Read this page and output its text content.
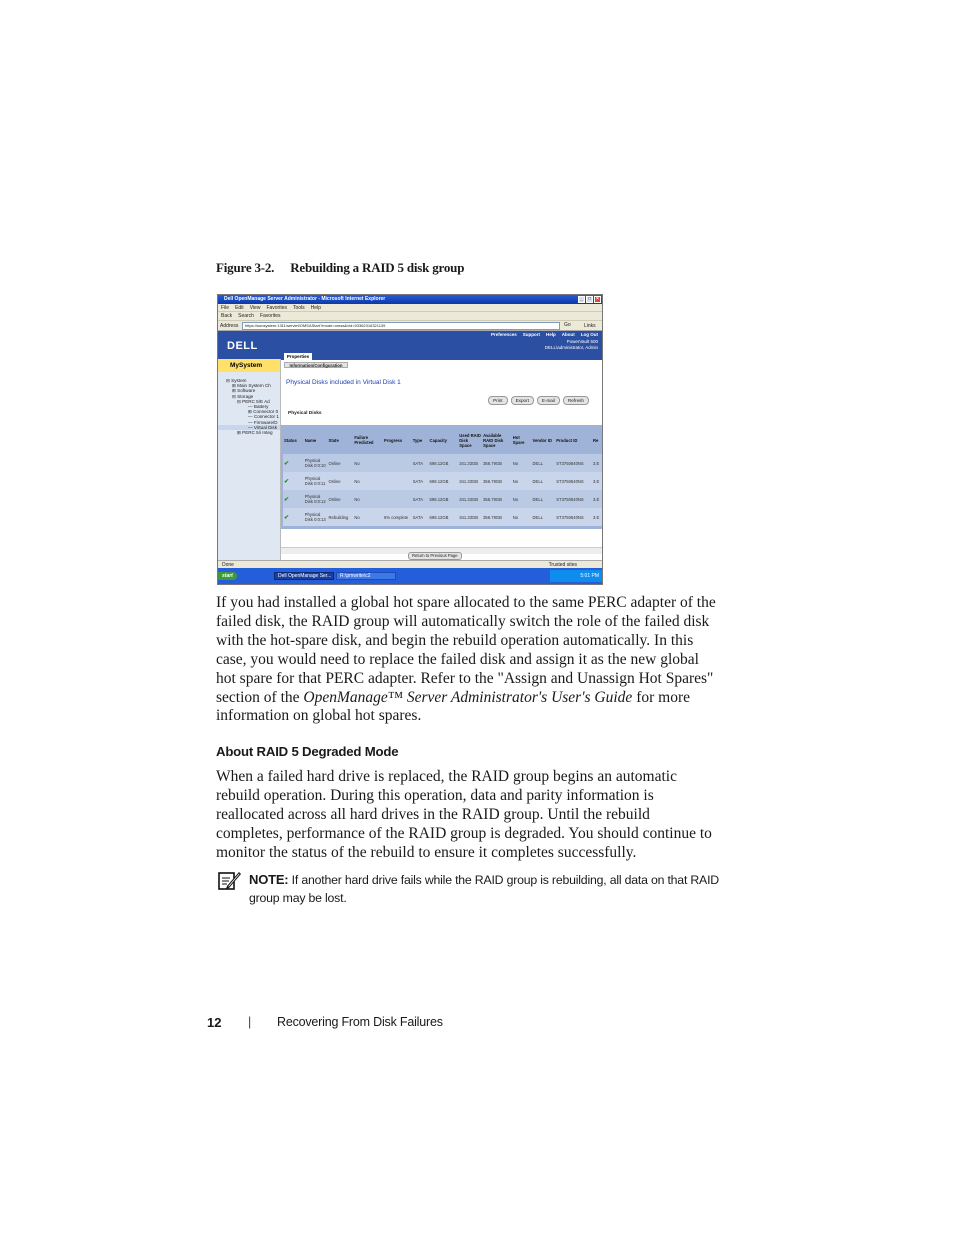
Figure 3-2. Rebuilding a RAID 5 disk group
Dell OpenManage Server Administrator - Microsoft Internet Explorer	_	□	×
File Edit View Favorites Tools Help
Back Search Favorites
Address	https://sunsystem:1311/servlet/OMSAStart?mode=omsa&vid=93362316321139	Go	Links
Preferences Support Help About Log Out
DELL	PowerVault 500
DELL\administrator, Admin
Properties
Information/Configuration
MySystem
⊟ System
⊞ Main System Ch
⊞ Software
⊟ Storage
⊟ PERC 5/E Ad
— Battery
⊞ Connector 0
— Connector 1
— Firmware/D
— Virtual Disk
⊞ PERC 5/i Integ
Physical Disks included in Virtual Disk 1
Print	Export	E-mail	Refresh
Physical Disks
Status	Name	State	Failure Predicted	Progress	Type	Capacity	Used RAID Disk Space	Available RAID Disk Space	Hot Spare	Vendor ID	Product ID	Re
✔	Physical Disk 0:0:10	Online	No		SATA	698.12GB	341.33GB	356.79GB	No	DELL	ST3750640NS	3.E
✔	Physical Disk 0:0:11	Online	No		SATA	698.12GB	341.33GB	356.79GB	No	DELL	ST3750640NS	3.E
✔	Physical Disk 0:0:12	Online	No		SATA	698.12GB	341.33GB	356.79GB	No	DELL	ST3750640NS	3.E
✔	Physical Disk 0:0:13	Rebuilding	No	6% complete	SATA	698.12GB	341.33GB	356.79GB	No	DELL	ST3750640NS	3.E
Return to Previous Page
Done	Trusted sites
start	Dell OpenManage Ser...	R:\pmwrite\c2	5:01 PM
If you had installed a global hot spare allocated to the same PERC adapter of the failed disk, the RAID group will automatically switch the role of the failed disk with the hot-spare disk, and begin the rebuild operation automatically. In this case, you would need to replace the failed disk and assign it as the new global hot spare for that PERC adapter. Refer to the "Assign and Unassign Hot Spares" section of the OpenManage™ Server Administrator's User's Guide for more information on global hot spares.
About RAID 5 Degraded Mode
When a failed hard drive is replaced, the RAID group begins an automatic rebuild operation. During this operation, data and parity information is reallocated across all hard drives in the RAID group. Until the rebuild completes, performance of the RAID group is degraded. You should continue to monitor the status of the rebuild to ensure it completes successfully.
NOTE: If another hard drive fails while the RAID group is rebuilding, all data on that RAID group may be lost.
12 | Recovering From Disk Failures
